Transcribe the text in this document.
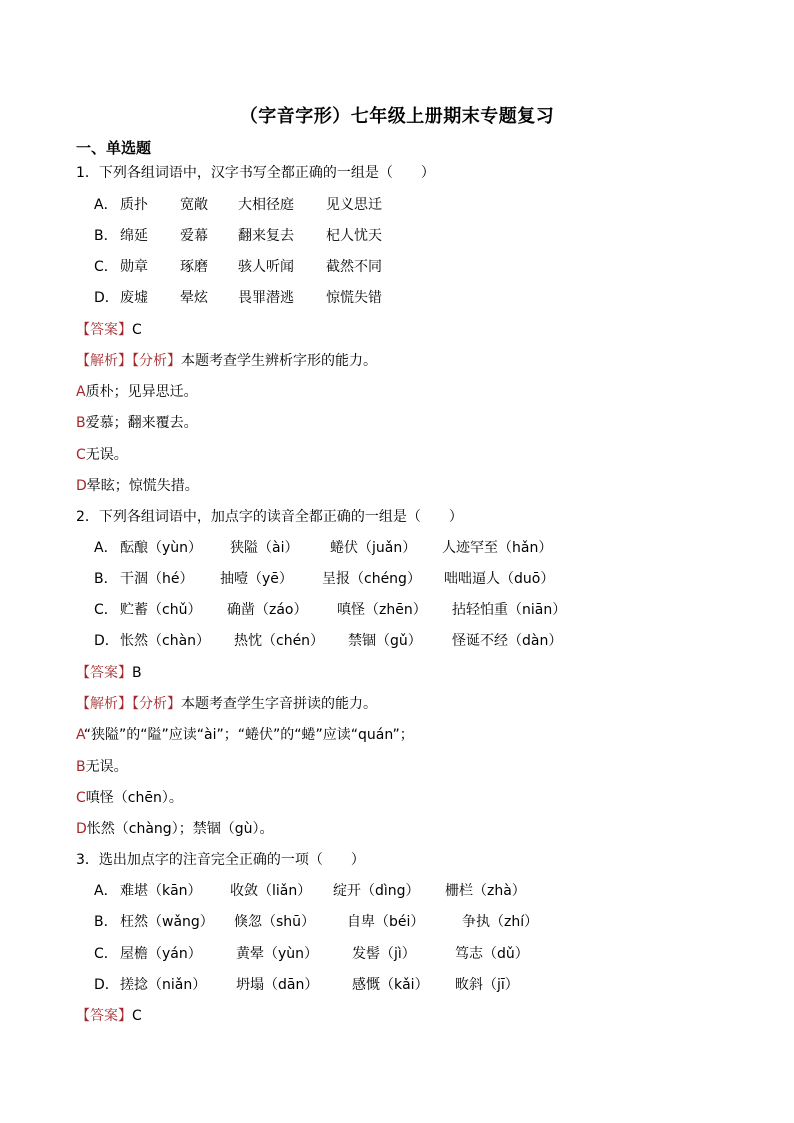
（字音字形）七年级上册期末专题复习
一、单选题
1．下列各组词语中，汉字书写全都正确的一组是（　　）
A． 质扑 宽敞 大相径庭 见义思迁
B． 绵延 爱幕 翻来复去 杞人忧天
C． 勋章 琢磨 骇人听闻 截然不同
D．废墟 晕炫 畏罪潜逃 惊慌失错
【答案】C
【解析】【分析】本题考查学生辨析字形的能力。
A质朴；见异思迁。
B爱慕；翻来覆去。
C无误。
D晕眩；惊慌失措。
2．下列各组词语中，加点字的读音全都正确的一组是（　　）
A． 酝酿（yùn） 狭隘（ài） 蜷伏（juǎn） 人迹罕至（hǎn）
B． 干涸（hé） 抽噎（yē） 呈报（chéng） 咄咄逼人（duō）
C． 贮蓄（chǔ） 确凿（záo） 嗔怪（zhēn） 拈轻怕重（niān）
D．怅然（chàn） 热忱（chén） 禁锢（gǔ） 怪诞不经（dàn）
【答案】B
【解析】【分析】本题考查学生字音拼读的能力。
A“狭隘”的“隘”应读“ài”；“蜷伏”的“蜷”应读“quán”；
B无误。
C嗔怪（chēn）。
D怅然（chàng）；禁锢（gù）。
3．选出加点字的注音完全正确的一项（　　）
A． 难堪（kān） 收敛（liǎn） 绽开（dìng） 栅栏（zhà）
B． 枉然（wǎng） 倏忽（shū） 自卑（béi）	争执（zhí）
C． 屋檐（yán） 黄晕（yùn） 发髻（jì）	笃志（dǔ）
D．搓捻（niǎn） 坍塌（dān） 感慨（kǎi） 畋斜（jī）
【答案】C
